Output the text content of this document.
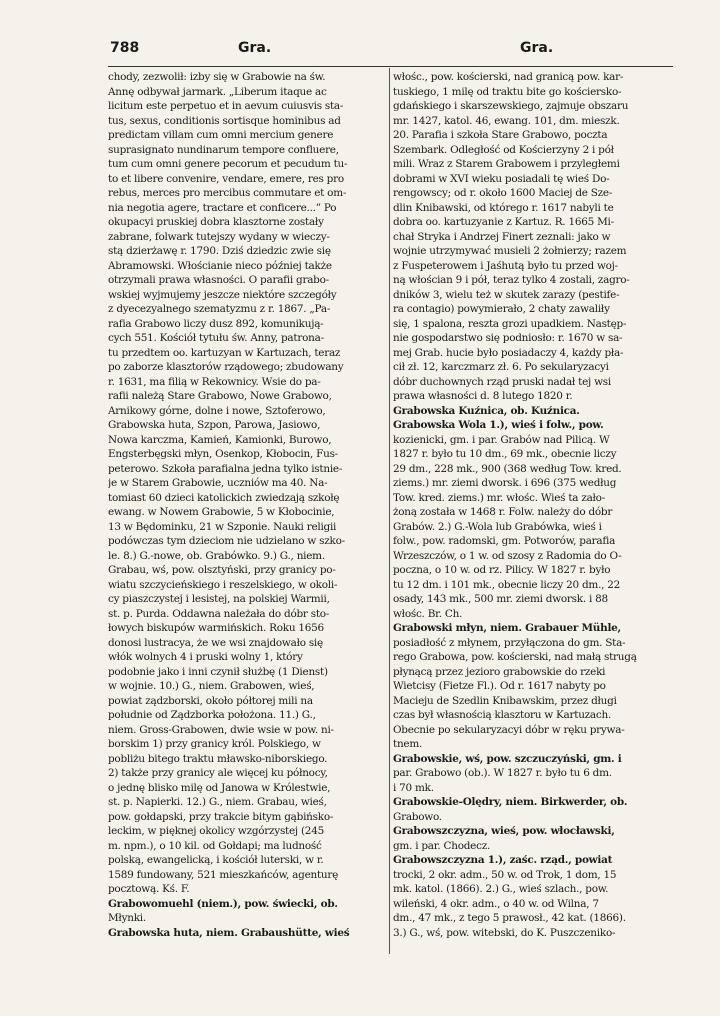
788	Gra.	Gra.
chody, zezwolił: izby się w Grabowie na św.
Annę odbywał jarmark. „Liberum itaque ac
licitum este perpetuo et in aevum cuiusvis sta-
tus, sexus, conditionis sortisque hominibus ad
predictam villam cum omni mercium genere
suprasignato nundinarum tempore confluere,
tum cum omni genere pecorum et pecudum tu-
to et libere convenire, vendare, emere, res pro
rebus, merces pro mercibus commutare et om-
nia negotia agere, tractare et conficere...” Po
okupacyi pruskiej dobra klasztorne zostały
zabrane, folwark tutejszy wydany w wieczy-
stą dzierżawę r. 1790. Dziś dziedzic zwie się
Abramowski. Włościanie nieco później także
otrzymali prawa własności. O parafii grabo-
wskiej wyjmujemy jeszcze niektóre szczegóły
z dyecezyalnego szematyzmu z r. 1867. „Pa-
rafia Grabowo liczy dusz 892, komunikują-
cych 551. Kościół tytułu św. Anny, patrona-
tu przedtem oo. kartuzyan w Kartuzach, teraz
po zaborze klasztorów rządowego; zbudowany
r. 1631, ma filią w Rekownicy. Wsie do pa-
rafii należą Stare Grabowo, Nowe Grabowo,
Arnikowy górne, dolne i nowe, Sztoferowo,
Grabowska huta, Szpon, Parowa, Jasiowo,
Nowa karczma, Kamień, Kamionki, Burowo,
Engsterbęgski młyn, Osenkop, Kłobocin, Fus-
peterowo. Szkoła parafialna jedna tylko istnie-
je w Starem Grabowie, uczniów ma 40. Na-
tomiast 60 dzieci katolickich zwiedzają szkołę
ewang. w Nowem Grabowie, 5 w Kłobocinie,
13 w Będominku, 21 w Szponie. Nauki religii
podówczas tym dzieciom nie udzielano w szko-
le. 8.) G.-nowe, ob. Grabówko. 9.) G., niem.
Grabau, wś, pow. olsztyński, przy granicy po-
wiatu szczycieńskiego i reszelskiego, w okoli-
cy piaszczystej i lesistej, na polskiej Warmii,
st. p. Purda. Oddawna należała do dóbr sto-
łowych biskupów warmińskich. Roku 1656
donosi lustracya, że we wsi znajdowało się
włók wolnych 4 i pruski wolny 1, który
podobnie jako i inni czynił służbę (1 Dienst)
w wojnie. 10.) G., niem. Grabowen, wieś,
powiat ządzborski, około półtorej mili na
południe od Ządzborka położona. 11.) G.,
niem. Gross-Grabowen, dwie wsie w pow. ni-
borskim 1) przy granicy król. Polskiego, w
pobliżu bitego traktu mławsko-niborskiego.
2) także przy granicy ale więcej ku północy,
o jednę blisko milę od Janowa w Królestwie,
st. p. Napierki. 12.) G., niem. Grabau, wieś,
pow. gołdapski, przy trakcie bitym gąbińsko-
leckim, w pięknej okolicy wzgórzystej (245
m. npm.), o 10 kil. od Gołdapi; ma ludność
polską, ewangelicką, i kościół luterski, w r.
1589 fundowany, 521 mieszkańców, agenturę
pocztową. Kś. F.
Grabowomuehl (niem.), pow. świecki, ob.
Młynki.
Grabowska huta, niem. Grabaushütte, wieś
włośc., pow. kościerski, nad granicą pow. kar-
tuskiego, 1 milę od traktu bite go kościersko-
gdańskiego i skarszewskiego, zajmuje obszaru
mr. 1427, katol. 46, ewang. 101, dm. mieszk.
20. Parafia i szkoła Stare Grabowo, poczta
Szembark. Odległość od Kościerzyny 2 i pół
mili. Wraz z Starem Grabowem i przyległemi
dobrami w XVI wieku posiadali tę wieś Do-
rengowscy; od r. około 1600 Maciej de Sze-
dlin Knibawski, od którego r. 1617 nabyli te
dobra oo. kartuzyanie z Kartuz. R. 1665 Mi-
chał Stryka i Andrzej Finert zeznali: jako w
wojnie utrzymywać musieli 2 żołnierzy; razem
z Fuspeterowem i Jaśhutą było tu przed woj-
ną włościan 9 i pół, teraz tylko 4 zostali, zagro-
dników 3, wielu też w skutek zarazy (pestife-
ra contagio) powymierało, 2 chaty zawaliły
się, 1 spalona, reszta grozi upadkiem. Następ-
nie gospodarstwo się podniosło: r. 1670 w sa-
mej Grab. hucie było posiadaczy 4, każdy pła-
cił zł. 12, karczmarz zł. 6. Po sekularyzacyi
dóbr duchownych rząd pruski nadał tej wsi
prawa własności d. 8 lutego 1820 r.
Grabowska Kuźnica, ob. Kuźnica.
Grabowska Wola 1.), wieś i folw., pow.
kozienicki, gm. i par. Grabów nad Pilicą. W
1827 r. było tu 10 dm., 69 mk., obecnie liczy
29 dm., 228 mk., 900 (368 według Tow. kred.
ziems.) mr. ziemi dworsk. i 696 (375 według
Tow. kred. ziems.) mr. włośc. Wieś ta zało-
żoną została w 1468 r. Folw. należy do dóbr
Grabów. 2.) G.-Wola lub Grabówka, wieś i
folw., pow. radomski, gm. Potworów, parafia
Wrzeszczów, o 1 w. od szosy z Radomia do O-
poczna, o 10 w. od rz. Pilicy. W 1827 r. było
tu 12 dm. i 101 mk., obecnie liczy 20 dm., 22
osady, 143 mk., 500 mr. ziemi dworsk. i 88
włośc. Br. Ch.
Grabowski młyn, niem. Grabauer Mühle,
posiadłość z młynem, przyłączona do gm. Sta-
rego Grabowa, pow. kościerski, nad małą strugą
płynącą przez jezioro grabowskie do rzeki
Wietcisy (Fietze Fl.). Od r. 1617 nabyty po
Macieju de Szedlin Knibawskim, przez długi
czas był własnością klasztoru w Kartuzach.
Obecnie po sekularyzacyi dóbr w ręku prywa-
tnem.
Grabowskie, wś, pow. szczuczyński, gm. i
par. Grabowo (ob.). W 1827 r. było tu 6 dm.
i 70 mk.
Grabowskie-Olędry, niem. Birkwerder, ob.
Grabowo.
Grabowszczyzna, wieś, pow. włocławski,
gm. i par. Chodecz.
Grabowszczyzna 1.), zaśc. rząd., powiat
trocki, 2 okr. adm., 50 w. od Trok, 1 dom, 15
mk. katol. (1866). 2.) G., wieś szlach., pow.
wileński, 4 okr. adm., o 40 w. od Wilna, 7
dm., 47 mk., z tego 5 prawosł., 42 kat. (1866).
3.) G., wś, pow. witebski, do K. Puszczeniko-
